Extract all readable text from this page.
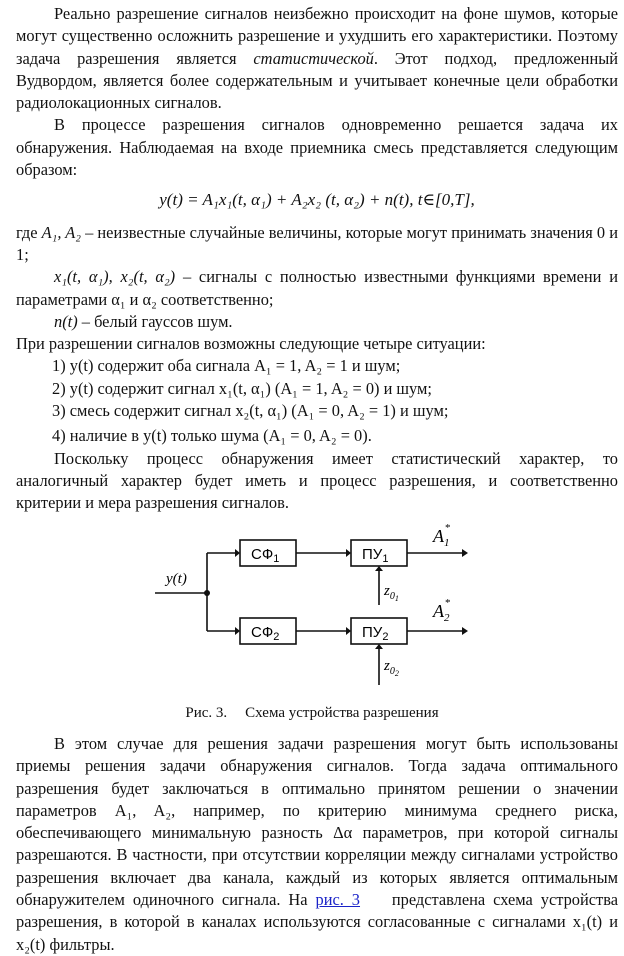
Реально разрешение сигналов неизбежно происходит на фоне шумов, которые могут существенно осложнить разрешение и ухудшить его характеристики. Поэтому задача разрешения является статистической. Этот подход, предложенный Вудвордом, является более содержательным и учитывает конечные цели обработки радиолокационных сигналов.

В процессе разрешения сигналов одновременно решается задача их обнаружения. Наблюдаемая на входе приемника смесь представляется следующим образом:

y(t) = A₁x₁(t, α₁) + A₂x₂ (t, α₂) + n(t), t∈[0,T],

где A₁, A₂ – неизвестные случайные величины, которые могут принимать значения 0 и 1;

x₁(t, α₁), x₂(t, α₂) – сигналы с полностью известными функциями времени и параметрами α₁ и α₂ соответственно;

n(t) – белый гауссов шум.

При разрешении сигналов возможны следующие четыре ситуации:

1) y(t) содержит оба сигнала A₁ = 1, A₂ = 1 и шум;

2) y(t) содержит сигнал x₁(t, α₁) (A₁ = 1, A₂ = 0) и шум;

3) смесь содержит сигнал x₂(t, α₁) (A₁ = 0, A₂ = 1) и шум;

4) наличие в y(t) только шума (A₁ = 0, A₂ = 0).

Поскольку процесс обнаружения имеет статистический характер, то аналогичный характер будет иметь и процесс разрешения, и соответственно критерии и мера разрешения сигналов.

y(t)
$СФ_1$
$СФ_2$
$ПУ_1$
$A_1*$
$z_01$
$ПУ_2$
$A_2*$
$z_02$
Рис. 3. Схема устройства разрешения

В этом случае для решения задачи разрешения могут быть использованы приемы решения задачи обнаружения сигналов. Тогда задача оптимального разрешения будет заключаться в оптимально принятом решении о значении параметров A₁, A₂, например, по критерию минимума среднего риска, обеспечивающего минимальную разность Δα параметров, при которой сигналы разрешаются. В частности, при отсутствии корреляции между сигналами устройство разрешения включает два канала, каждый из которых является оптимальным обнаружителем одиночного сигнала. На рис. 3    представлена схема устройства разрешения, в которой в каналах используются согласованные с сигналами x₁(t) и x₂(t) фильтры.
